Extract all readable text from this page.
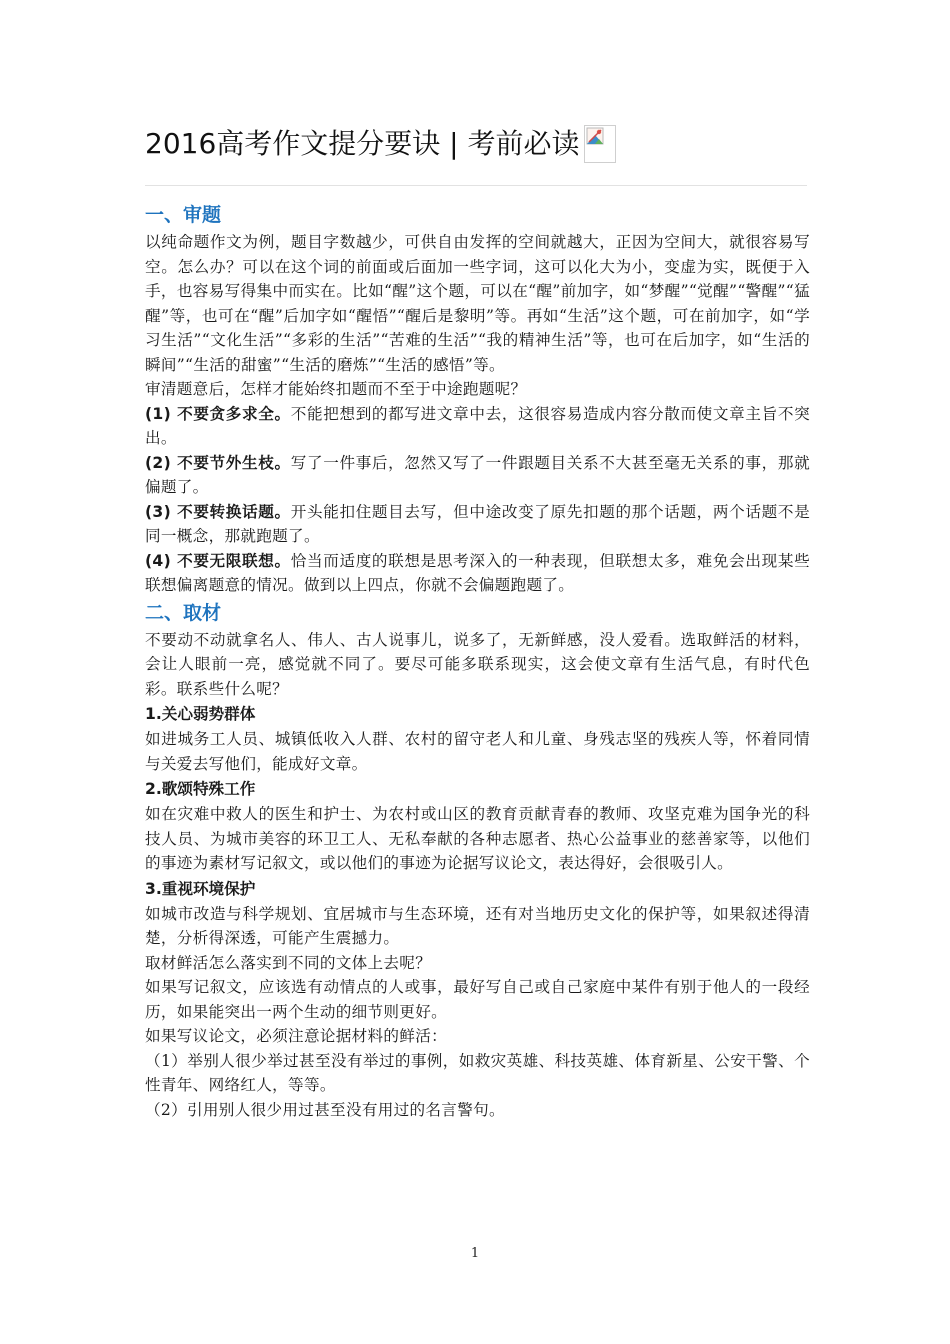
2016高考作文提分要诀 | 考前必读
一、审题

以纯命题作文为例，题目字数越少，可供自由发挥的空间就越大，正因为空间大，就很容易写空。怎么办？可以在这个词的前面或后面加一些字词，这可以化大为小，变虚为实，既便于入手，也容易写得集中而实在。比如“醒”这个题，可以在“醒”前加字，如“梦醒”“觉醒”“警醒”“猛醒”等，也可在“醒”后加字如“醒悟”“醒后是黎明”等。再如“生活”这个题，可在前加字，如“学习生活”“文化生活”“多彩的生活”“苦难的生活”“我的精神生活”等，也可在后加字，如“生活的瞬间”“生活的甜蜜”“生活的磨炼”“生活的感悟”等。

审清题意后，怎样才能始终扣题而不至于中途跑题呢？

(1) 不要贪多求全。不能把想到的都写进文章中去，这很容易造成内容分散而使文章主旨不突出。

(2) 不要节外生枝。写了一件事后，忽然又写了一件跟题目关系不大甚至毫无关系的事，那就偏题了。

(3) 不要转换话题。开头能扣住题目去写，但中途改变了原先扣题的那个话题，两个话题不是同一概念，那就跑题了。

(4) 不要无限联想。恰当而适度的联想是思考深入的一种表现，但联想太多，难免会出现某些联想偏离题意的情况。做到以上四点，你就不会偏题跑题了。

二、取材

不要动不动就拿名人、伟人、古人说事儿，说多了，无新鲜感，没人爱看。选取鲜活的材料，会让人眼前一亮，感觉就不同了。要尽可能多联系现实，这会使文章有生活气息，有时代色彩。联系些什么呢？

1.关心弱势群体

如进城务工人员、城镇低收入人群、农村的留守老人和儿童、身残志坚的残疾人等，怀着同情与关爱去写他们，能成好文章。

2.歌颂特殊工作

如在灾难中救人的医生和护士、为农村或山区的教育贡献青春的教师、攻坚克难为国争光的科技人员、为城市美容的环卫工人、无私奉献的各种志愿者、热心公益事业的慈善家等，以他们的事迹为素材写记叙文，或以他们的事迹为论据写议论文，表达得好，会很吸引人。

3.重视环境保护

如城市改造与科学规划、宜居城市与生态环境，还有对当地历史文化的保护等，如果叙述得清楚，分析得深透，可能产生震撼力。

取材鲜活怎么落实到不同的文体上去呢？

如果写记叙文，应该选有动情点的人或事，最好写自己或自己家庭中某件有别于他人的一段经历，如果能突出一两个生动的细节则更好。

如果写议论文，必须注意论据材料的鲜活：

（1）举别人很少举过甚至没有举过的事例，如救灾英雄、科技英雄、体育新星、公安干警、个性青年、网络红人，等等。

（2）引用别人很少用过甚至没有用过的名言警句。

1
